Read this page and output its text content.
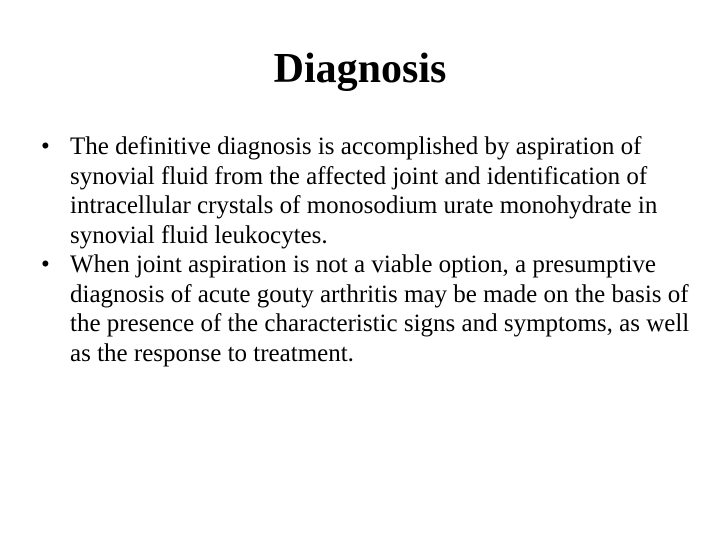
Diagnosis
• The definitive diagnosis is accomplished by aspiration of synovial fluid from the affected joint and identification of intracellular crystals of monosodium urate monohydrate in synovial fluid leukocytes.
• When joint aspiration is not a viable option, a presumptive diagnosis of acute gouty arthritis may be made on the basis of the presence of the characteristic signs and symptoms, as well as the response to treatment.
